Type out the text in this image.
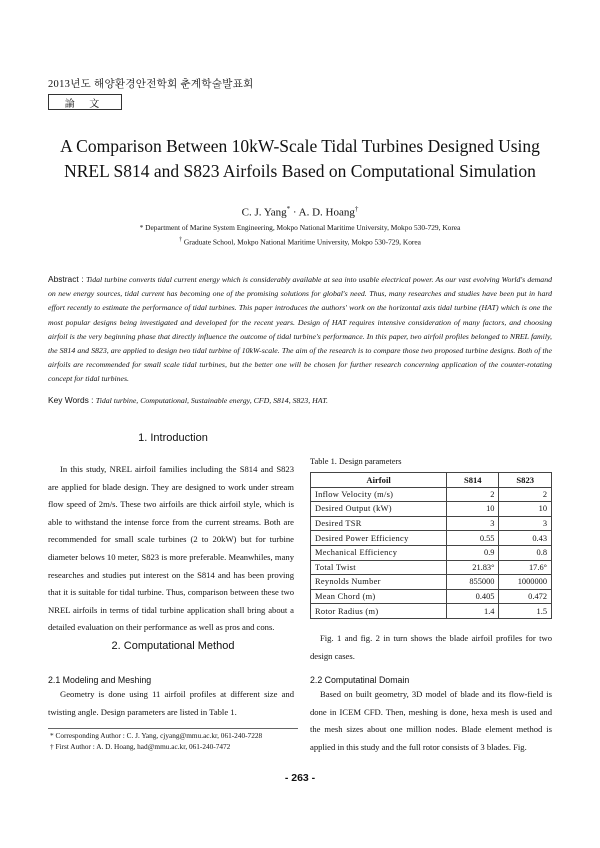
2013년도 해양환경안전학회 춘계학술발표회
論 文
A Comparison Between 10kW-Scale Tidal Turbines Designed Using
NREL S814 and S823 Airfoils Based on Computational Simulation
C. J. Yang* · A. D. Hoang†
* Department of Marine System Engineering, Mokpo National Maritime University, Mokpo 530-729, Korea
† Graduate School, Mokpo National Maritime University, Mokpo 530-729, Korea
Abstract : Tidal turbine converts tidal current energy which is considerably available at sea into usable electrical power. As our vast evolving World's demand on new energy sources, tidal current has becoming one of the promising solutions for global's need. Thus, many researches and studies have been put in hard effort recently to estimate the performance of tidal turbines. This paper introduces the authors' work on the horizontal axis tidal turbine (HAT) which is one the most popular designs being investigated and developed for the recent years. Design of HAT requires intensive consideration of many factors, and choosing airfoil is the very beginning phase that directly influence the outcome of tidal turbine's performance. In this paper, two airfoil profiles belonged to NREL family, the S814 and S823, are applied to design two tidal turbine of 10kW-scale. The aim of the research is to compare those two proposed turbine designs. Both of the airfoils are recommended for small scale tidal turbines, but the better one will be chosen for further research concerning application of the counter-rotating concept for tidal turbines.
Key Words : Tidal turbine, Computational, Sustainable energy, CFD, S814, S823, HAT.
1. Introduction
In this study, NREL airfoil families including the S814 and S823 are applied for blade design. They are designed to work under stream flow speed of 2m/s. These two airfoils are thick airfoil style, which is able to withstand the intense force from the current streams. Both are recommended for small scale turbines (2 to 20kW) but for turbine diameter belows 10 meter, S823 is more preferable. Meanwhiles, many researches and studies put interest on the S814 and has been proving that it is suitable for tidal turbine. Thus, comparison between these two NREL airfoils in terms of tidal turbine application shall bring about a detailed evaluation on their performance as well as pros and cons.
2. Computational Method
2.1 Modeling and Meshing
Geometry is done using 11 airfoil profiles at different size and twisting angle. Design parameters are listed in Table 1.
Table 1. Design parameters
Airfoil	S814	S823
Inflow Velocity (m/s)	2	2
Desired Output (kW)	10	10
Desired TSR	3	3
Desired Power Efficiency	0.55	0.43
Mechanical Efficiency	0.9	0.8
Total Twist	21.83°	17.6°
Reynolds Number	855000	1000000
Mean Chord (m)	0.405	0.472
Rotor Radius (m)	1.4	1.5
Fig. 1 and fig. 2 in turn shows the blade airfoil profiles for two design cases.
2.2 Computatinal Domain
Based on built geometry, 3D model of blade and its flow-field is done in ICEM CFD. Then, meshing is done, hexa mesh is used and the mesh sizes about one million nodes. Blade element method is applied in this study and the full rotor consists of 3 blades. Fig.
* Corresponding Author : C. J. Yang, cjyang@mmu.ac.kr, 061-240-7228
† First Author : A. D. Hoang, had@mmu.ac.kr, 061-240-7472
- 263 -
